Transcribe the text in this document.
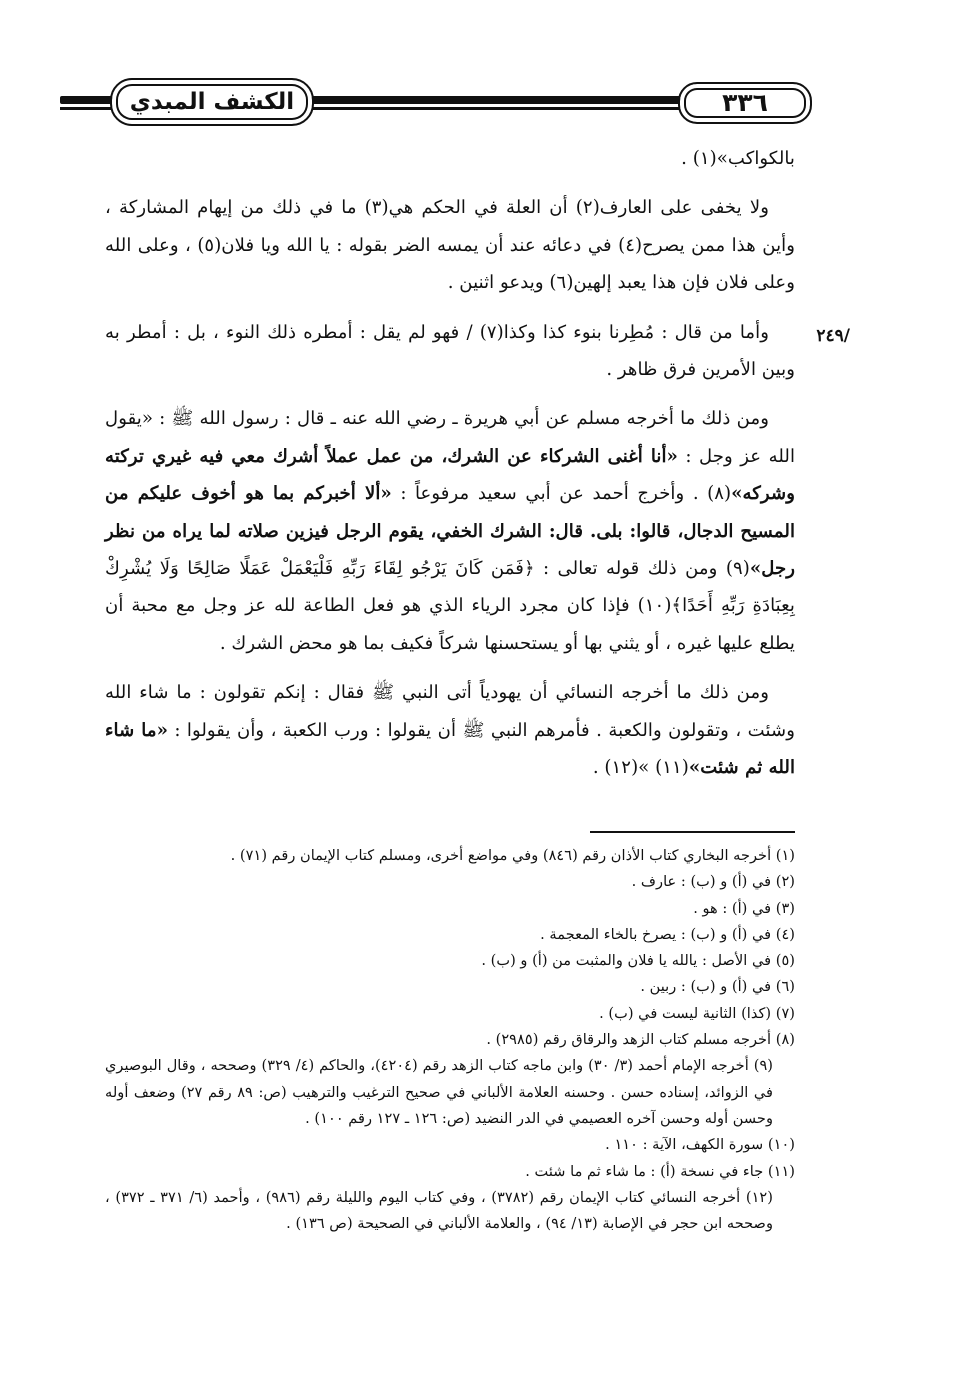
الكشف المبدي	٣٣٦
٢٤٩/

بالكواكب»(١) .

ولا يخفى على العارف(٢) أن العلة في الحكم هي(٣) ما في ذلك من إيهام المشاركة ، وأين هذا ممن يصرح(٤) في دعائه عند أن يمسه الضر بقوله : يا الله ويا فلان(٥) ، وعلى الله وعلى فلان فإن هذا يعبد إلهين(٦) ويدعو اثنين .

وأما من قال : مُطِرنا بنوء كذا وكذا(٧) / فهو لم يقل : أمطره ذلك النوء ، بل : أمطر به وبين الأمرين فرق ظاهر .

ومن ذلك ما أخرجه مسلم عن أبي هريرة ـ رضي الله عنه ـ قال : رسول الله ﷺ : «يقول الله عز وجل : «أنا أغنى الشركاء عن الشرك، من عمل عملاً أشرك معي فيه غيري تركته وشركه»(٨) . وأخرج أحمد عن أبي سعيد مرفوعاً : «ألا أخبركم بما هو أخوف عليكم من المسيح الدجال، قالوا: بلى. قال: الشرك الخفي، يقوم الرجل فيزين صلاته لما يراه من نظر رجل»(٩) ومن ذلك قوله تعالى : ﴿فَمَن كَانَ يَرْجُو لِقَاءَ رَبِّهِ فَلْيَعْمَلْ عَمَلًا صَالِحًا وَلَا يُشْرِكْ بِعِبَادَةِ رَبِّهِ أَحَدًا﴾(١٠) فإذا كان مجرد الرياء الذي هو فعل الطاعة لله عز وجل مع محبة أن يطلع عليها غيره ، أو يثني بها أو يستحسنها شركاً فكيف بما هو محض الشرك .

ومن ذلك ما أخرجه النسائي أن يهودياً أتى النبي ﷺ فقال : إنكم تقولون : ما شاء الله وشئت ، وتقولون والكعبة . فأمرهم النبي ﷺ أن يقولوا : ورب الكعبة ، وأن يقولوا : «ما شاء الله ثم شئت»(١١) »(١٢) .

(١) أخرجه البخاري كتاب الأذان رقم (٨٤٦) وفي مواضع أخرى، ومسلم كتاب الإيمان رقم (٧١) .

(٢) في (أ) و (ب) : عارف .

(٣) في (أ) : هو .

(٤) في (أ) و (ب) : يصرخ بالخاء المعجمة .

(٥) في الأصل : يالله يا فلان والمثبت من (أ) و (ب) .

(٦) في (أ) و (ب) : ربين .

(٧) (كذا) الثانية ليست في (ب) .

(٨) أخرجه مسلم كتاب الزهد والرقاق رقم (٢٩٨٥) .

(٩) أخرجه الإمام أحمد (٣/ ٣٠) وابن ماجه كتاب الزهد رقم (٤٢٠٤)، والحاكم (٤/ ٣٢٩) وصححه ، وقال البوصيري في الزوائد، إسناده حسن . وحسنه العلامة الألباني في صحيح الترغيب والترهيب (ص: ٨٩ رقم ٢٧) وضعف أوله وحسن أوله وحسن آخره العصيمي في الدر النضيد (ص: ١٢٦ ـ ١٢٧ رقم ١٠٠) .

(١٠) سورة الكهف، الآية : ١١٠ .

(١١) جاء في نسخة (أ) : ما شاء ثم ما شئت .

(١٢) أخرجه النسائي كتاب الإيمان رقم (٣٧٨٢) ، وفي كتاب اليوم والليلة رقم (٩٨٦) ، وأحمد (٦/ ٣٧١ ـ ٣٧٢) ، وصححه ابن حجر في الإصابة (١٣/ ٩٤) ، والعلامة الألباني في الصحيحة (ص ١٣٦) .
